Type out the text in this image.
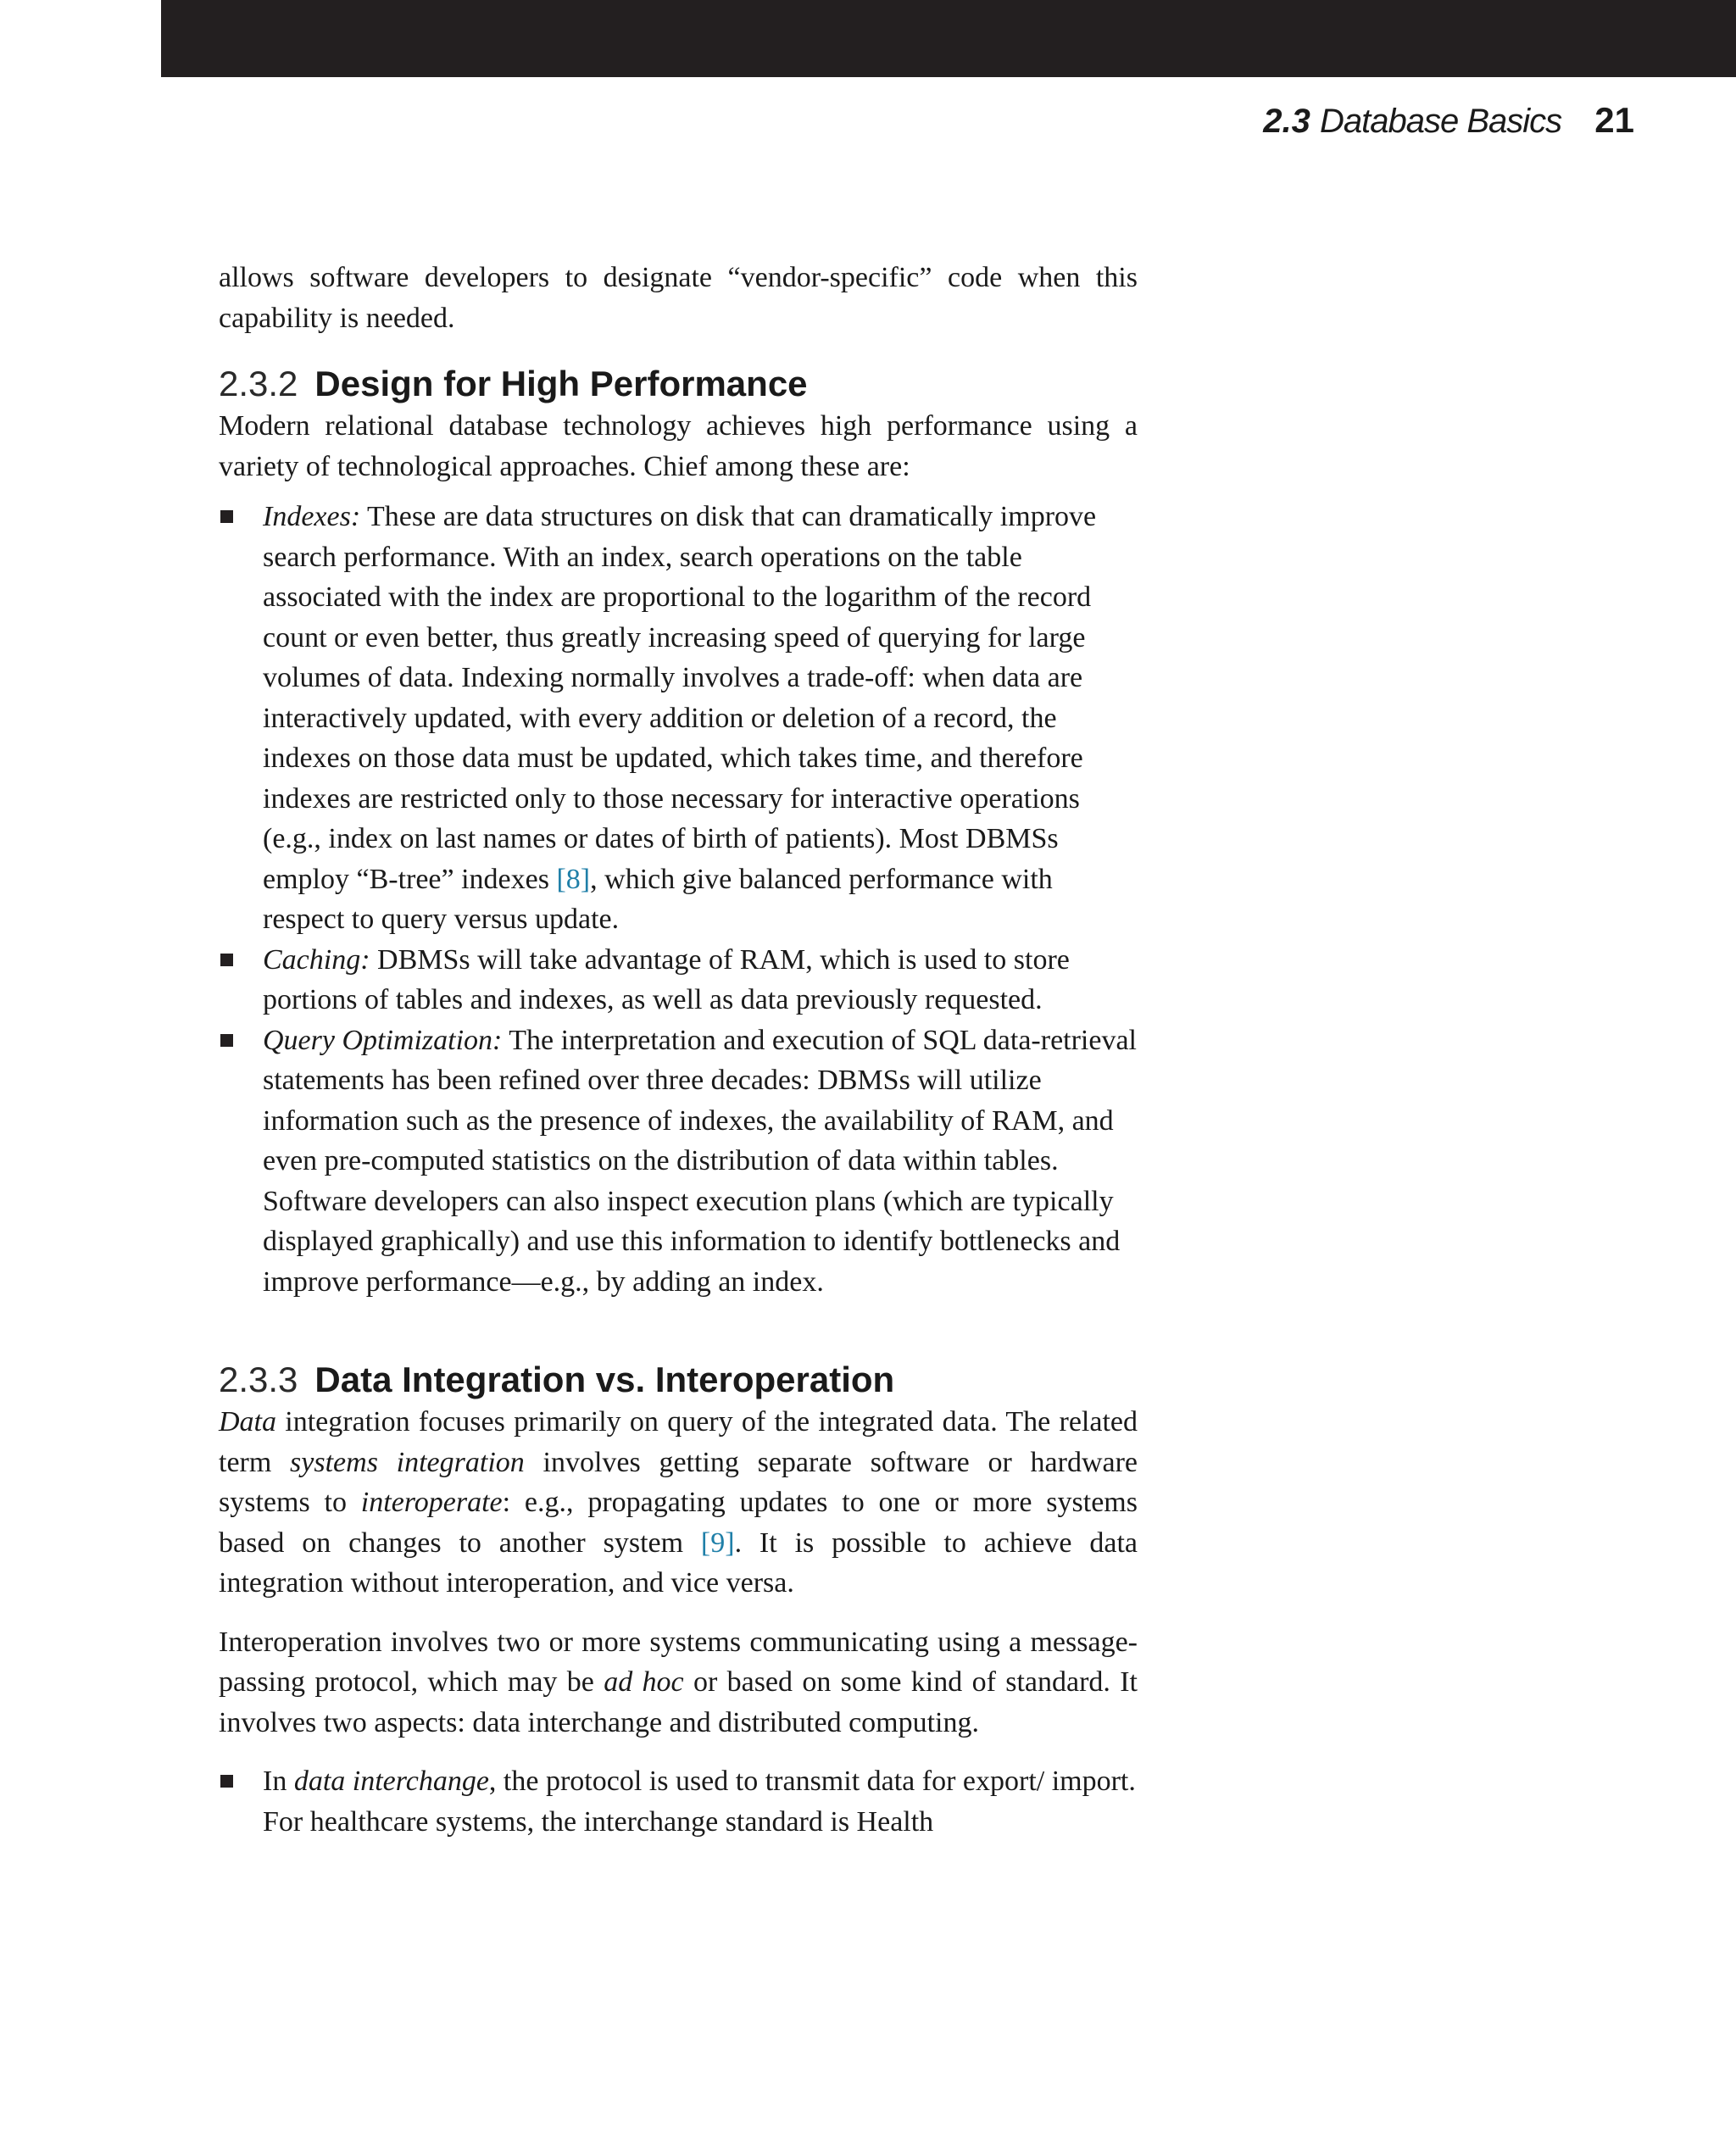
2.3 Database Basics 21

allows software developers to designate “vendor-specific” code when this capability is needed.

2.3.2 Design for High Performance

Modern relational database technology achieves high performance using a variety of technological approaches. Chief among these are:

Indexes: These are data structures on disk that can dramatically improve search performance. With an index, search operations on the table associated with the index are proportional to the logarithm of the record count or even better, thus greatly increasing speed of querying for large volumes of data. Indexing normally involves a trade-off: when data are interactively updated, with every addition or deletion of a record, the indexes on those data must be updated, which takes time, and therefore indexes are restricted only to those necessary for interactive operations (e.g., index on last names or dates of birth of patients). Most DBMSs employ “B-tree” indexes [8], which give balanced performance with respect to query versus update.
Caching: DBMSs will take advantage of RAM, which is used to store portions of tables and indexes, as well as data previously requested.
Query Optimization: The interpretation and execution of SQL data-retrieval statements has been refined over three decades: DBMSs will utilize information such as the presence of indexes, the availability of RAM, and even pre-computed statistics on the distribution of data within tables. Software developers can also inspect execution plans (which are typically displayed graphically) and use this information to identify bottlenecks and improve performance—e.g., by adding an index.
2.3.3 Data Integration vs. Interoperation

Data integration focuses primarily on query of the integrated data. The related term systems integration involves getting separate software or hardware systems to interoperate: e.g., propagating updates to one or more systems based on changes to another system [9]. It is possible to achieve data integration without interoperation, and vice versa.

Interoperation involves two or more systems communicating using a message-passing protocol, which may be ad hoc or based on some kind of standard. It involves two aspects: data interchange and distributed computing.

In data interchange, the protocol is used to transmit data for export/ import. For healthcare systems, the interchange standard is Health
